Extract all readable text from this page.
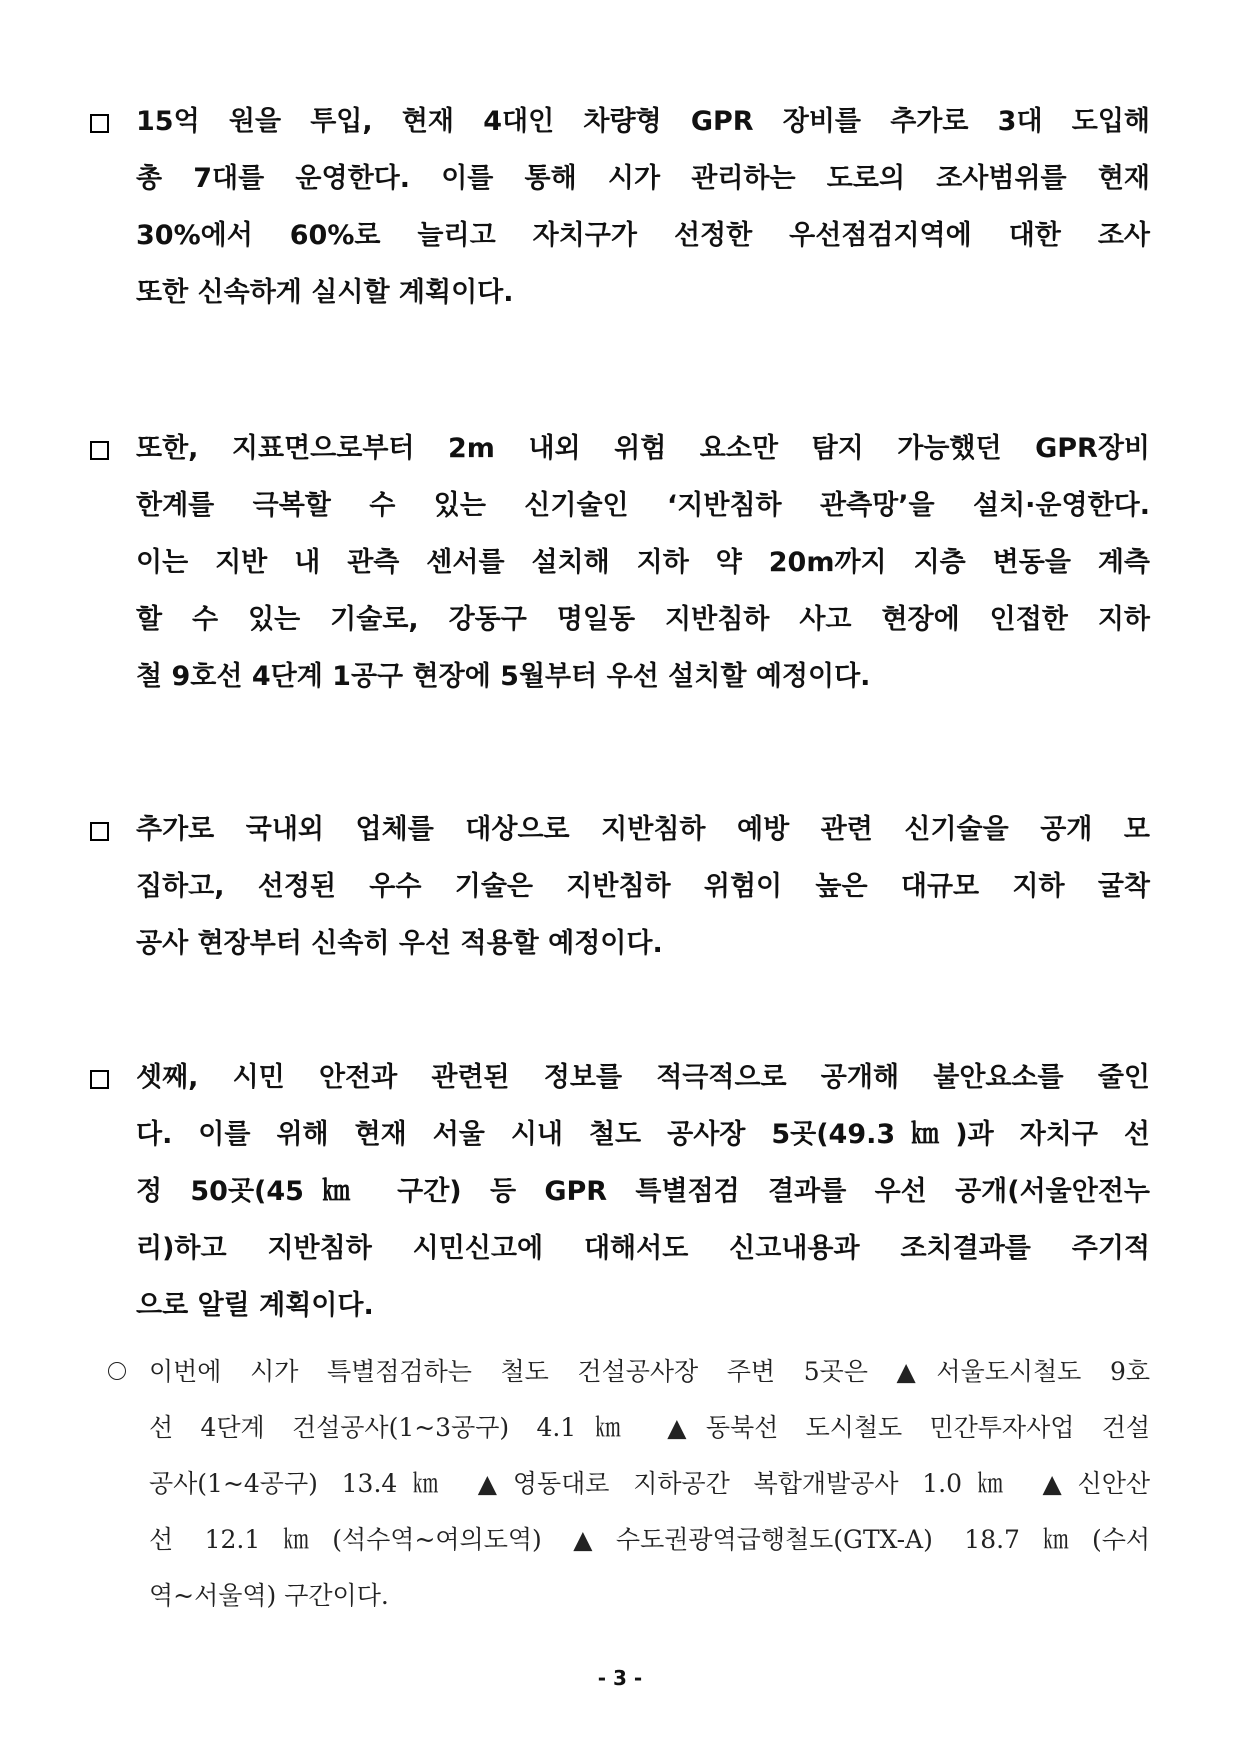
15억 원을 투입, 현재 4대인 차량형 GPR 장비를 추가로 3대 도입해
총 7대를 운영한다. 이를 통해 시가 관리하는 도로의 조사범위를 현재
30%에서 60%로 늘리고 자치구가 선정한 우선점검지역에 대한 조사
또한 신속하게 실시할 계획이다.
또한, 지표면으로부터 2m 내외 위험 요소만 탐지 가능했던 GPR장비
한계를 극복할 수 있는 신기술인 ‘지반침하 관측망’을 설치·운영한다.
이는 지반 내 관측 센서를 설치해 지하 약 20m까지 지층 변동을 계측
할 수 있는 기술로, 강동구 명일동 지반침하 사고 현장에 인접한 지하
철 9호선 4단계 1공구 현장에 5월부터 우선 설치할 예정이다.
추가로 국내외 업체를 대상으로 지반침하 예방 관련 신기술을 공개 모
집하고, 선정된 우수 기술은 지반침하 위험이 높은 대규모 지하 굴착
공사 현장부터 신속히 우선 적용할 예정이다.
셋째, 시민 안전과 관련된 정보를 적극적으로 공개해 불안요소를 줄인
다. 이를 위해 현재 서울 시내 철도 공사장 5곳(49.3㎞)과 자치구 선
정 50곳(45㎞ 구간) 등 GPR 특별점검 결과를 우선 공개(서울안전누
리)하고 지반침하 시민신고에 대해서도 신고내용과 조치결과를 주기적
으로 알릴 계획이다.
이번에 시가 특별점검하는 철도 건설공사장 주변 5곳은 ▲서울도시철도 9호
선 4단계 건설공사(1~3공구) 4.1㎞ ▲동북선 도시철도 민간투자사업 건설
공사(1~4공구) 13.4㎞ ▲영동대로 지하공간 복합개발공사 1.0㎞ ▲신안산
선 12.1㎞(석수역~여의도역) ▲수도권광역급행철도(GTX-A) 18.7㎞(수서
역~서울역) 구간이다.
- 3 -
